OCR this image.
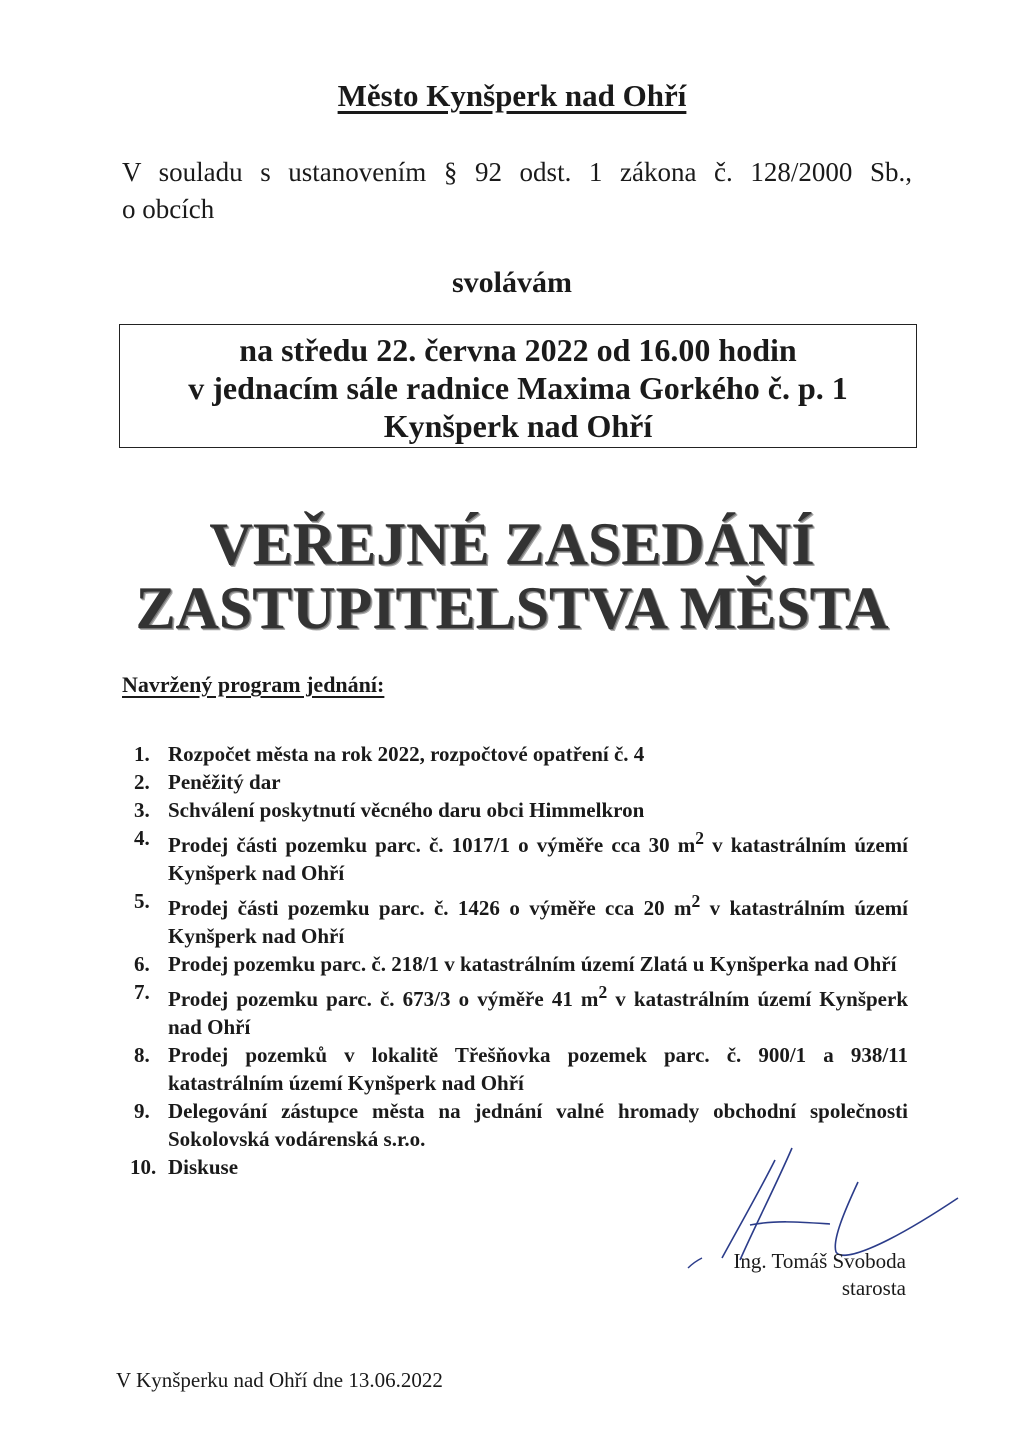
Město Kynšperk nad Ohří
V souladu s ustanovením § 92 odst. 1 zákona č. 128/2000 Sb.,
o obcích
svolávám
na středu 22. června 2022 od 16.00 hodin
v jednacím sále radnice Maxima Gorkého č. p. 1
Kynšperk nad Ohří
VEŘEJNÉ ZASEDÁNÍ
ZASTUPITELSTVA MĚSTA
Navržený program jednání:
1. Rozpočet města na rok 2022, rozpočtové opatření č. 4
2. Peněžitý dar
3. Schválení poskytnutí věcného daru obci Himmelkron
4. Prodej části pozemku parc. č. 1017/1 o výměře cca 30 $m^2$ v katastrálním území Kynšperk nad Ohří
5. Prodej části pozemku parc. č. 1426 o výměře cca 20 $m^2$ v katastrálním území Kynšperk nad Ohří
6. Prodej pozemku parc. č. 218/1 v katastrálním území Zlatá u Kynšperka nad Ohří
7. Prodej pozemku parc. č. 673/3 o výměře 41 $m^2$ v katastrálním území Kynšperk nad Ohří
8. Prodej pozemků v lokalitě Třešňovka pozemek parc. č. 900/1 a 938/11 katastrálním území Kynšperk nad Ohří
9. Delegování zástupce města na jednání valné hromady obchodní společnosti Sokolovská vodárenská s.r.o.
10. Diskuse
Ing. Tomáš Svoboda
starosta
V Kynšperku nad Ohří dne 13.06.2022
